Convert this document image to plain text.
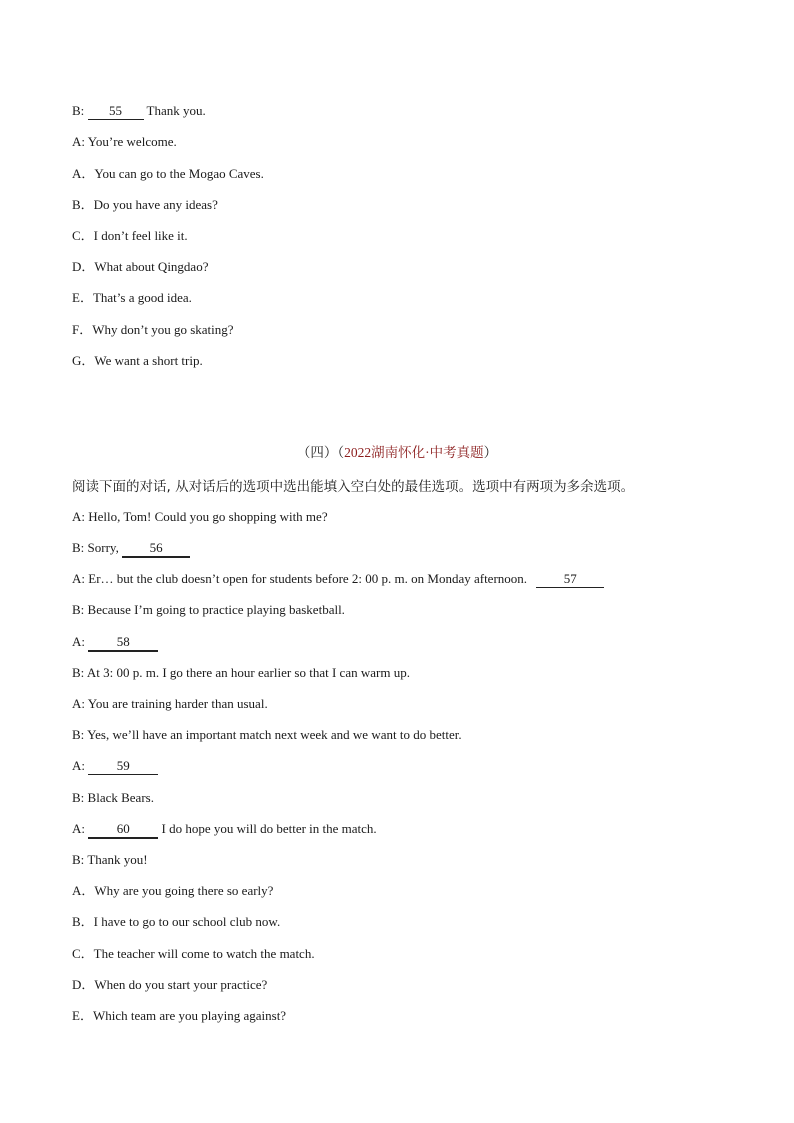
B: 55 Thank you.
A: You’re welcome.
A．You can go to the Mogao Caves.
B．Do you have any ideas?
C．I don’t feel like it.
D．What about Qingdao?
E．That’s a good idea.
F．Why don’t you go skating?
G．We want a short trip.
（四）（2022湖南怀化·中考真题）
阅读下面的对话, 从对话后的选项中选出能填入空白处的最佳选项。选项中有两项为多余选项。
A: Hello, Tom! Could you go shopping with me?
B: Sorry, 56
A: Er… but the club doesn’t open for students before 2: 00 p. m. on Monday afternoon.	57
B: Because I’m going to practice playing basketball.
A: 58
B: At 3: 00 p. m. I go there an hour earlier so that I can warm up.
A: You are training harder than usual.
B: Yes, we’ll have an important match next week and we want to do better.
A: 59
B: Black Bears.
A: 60 I do hope you will do better in the match.
B: Thank you!
A．Why are you going there so early?
B．I have to go to our school club now.
C．The teacher will come to watch the match.
D．When do you start your practice?
E．Which team are you playing against?
